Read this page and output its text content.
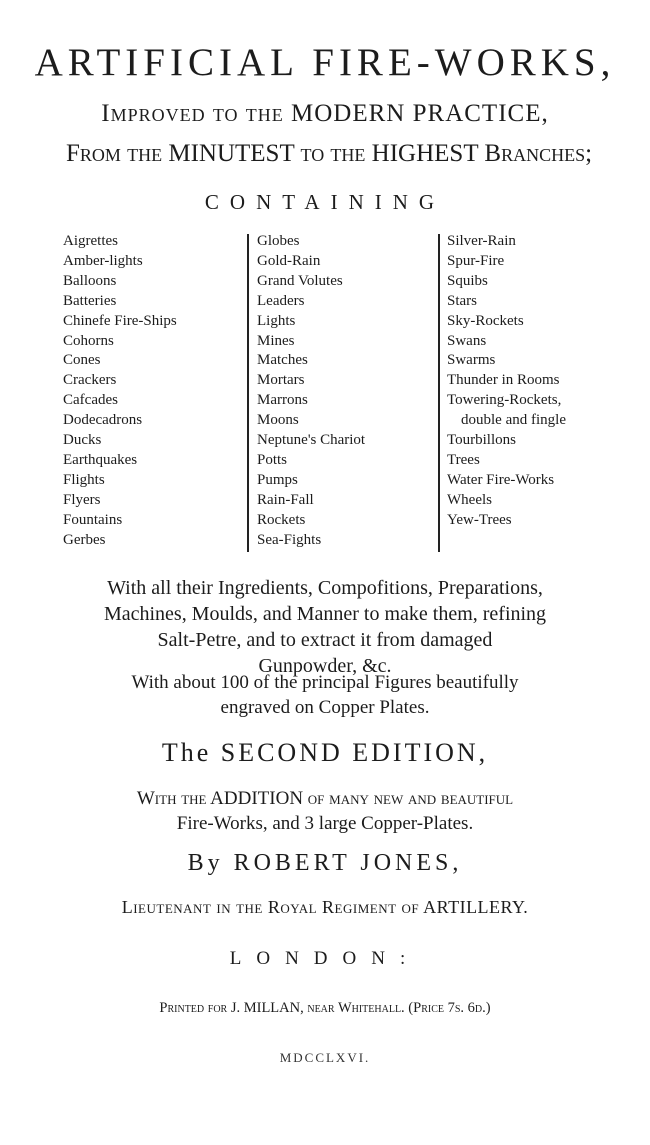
ARTIFICIAL FIRE-WORKS,
Improved to the MODERN PRACTICE,
From the MINUTEST to the HIGHEST Branches;
CONTAINING
Aigrettes
Amber-lights
Balloons
Batteries
Chinefe Fire-Ships
Cohorns
Cones
Crackers
Cafcades
Dodecadrons
Ducks
Earthquakes
Flights
Flyers
Fountains
Gerbes
Globes
Gold-Rain
Grand Volutes
Leaders
Lights
Mines
Matches
Mortars
Marrons
Moons
Neptune's Chariot
Potts
Pumps
Rain-Fall
Rockets
Sea-Fights
Silver-Rain
Spur-Fire
Squibs
Stars
Sky-Rockets
Swans
Swarms
Thunder in Rooms
Towering-Rockets,
double and fingle
Tourbillons
Trees
Water Fire-Works
Wheels
Yew-Trees
With all their Ingredients, Compofitions, Preparations,
Machines, Moulds, and Manner to make them, refining
Salt-Petre, and to extract it from damaged
Gunpowder, &c.
With about 100 of the principal Figures beautifully
engraved on Copper Plates.
The SECOND EDITION,
With the ADDITION of many new and beautiful
Fire-Works, and 3 large Copper-Plates.
By ROBERT JONES,
Lieutenant in the Royal Regiment of ARTILLERY.
LONDON:
Printed for J. MILLAN, near Whitehall. (Price 7s. 6d.)
MDCCLXVI.
